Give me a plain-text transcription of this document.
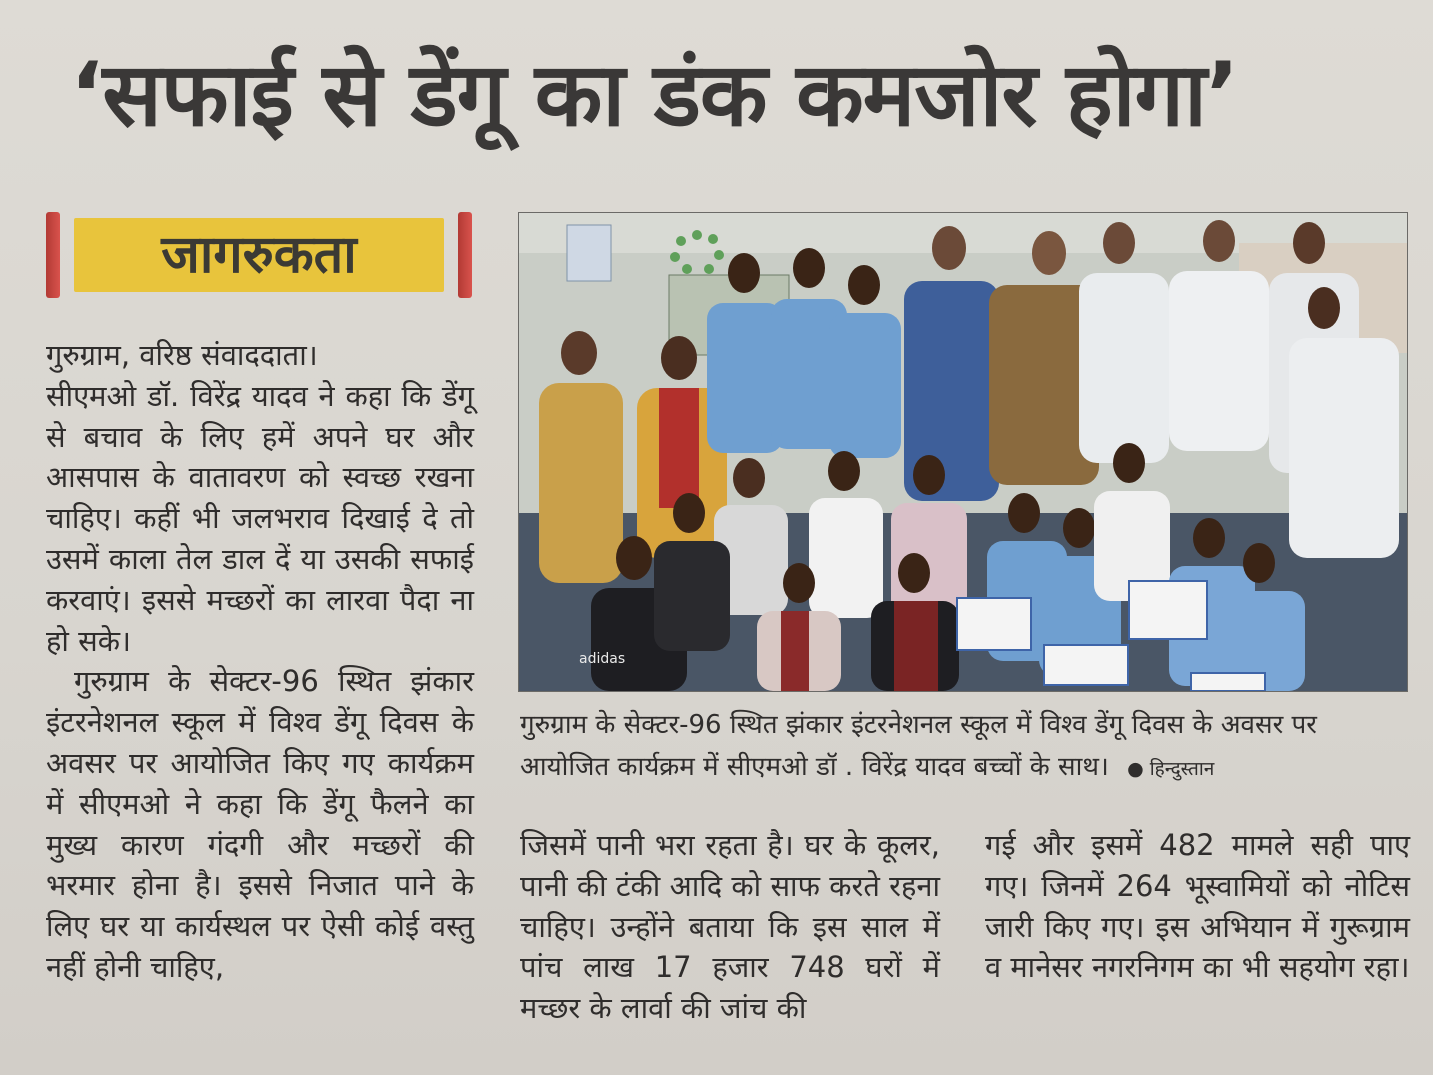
‘सफाई से डेंगू का डंक कमजोर होगा’
जागरुकता

गुरुग्राम, वरिष्ठ संवाददाता।

सीएमओ डॉ. विरेंद्र यादव ने कहा कि डेंगू से बचाव के लिए हमें अपने घर और आसपास के वातावरण को स्वच्छ रखना चाहिए। कहीं भी जलभराव दिखाई दे तो उसमें काला तेल डाल दें या उसकी सफाई करवाएं। इससे मच्छरों का लारवा पैदा ना हो सके।

गुरुग्राम के सेक्टर-96 स्थित झंकार इंटरनेशनल स्कूल में विश्व डेंगू दिवस के अवसर पर आयोजित किए गए कार्यक्रम में सीएमओ ने कहा कि डेंगू फैलने का मुख्य कारण गंदगी और मच्छरों की भरमार होना है। इससे निजात पाने के लिए घर या कार्यस्थल पर ऐसी कोई वस्तु नहीं होनी चाहिए,

adidas
गुरुग्राम के सेक्टर-96 स्थित झंकार इंटरनेशनल स्कूल में विश्व डेंगू दिवस के अवसर पर आयोजित कार्यक्रम में सीएमओ डॉ . विरेंद्र यादव बच्चों के साथ। ● हिन्दुस्तान

जिसमें पानी भरा रहता है। घर के कूलर, पानी की टंकी आदि को साफ करते रहना चाहिए। उन्होंने बताया कि इस साल में पांच लाख 17 हजार 748 घरों में मच्छर के लार्वा की जांच की

गई और इसमें 482 मामले सही पाए गए। जिनमें 264 भूस्वामियों को नोटिस जारी किए गए। इस अभियान में गुरूग्राम व मानेसर नगरनिगम का भी सहयोग रहा।
